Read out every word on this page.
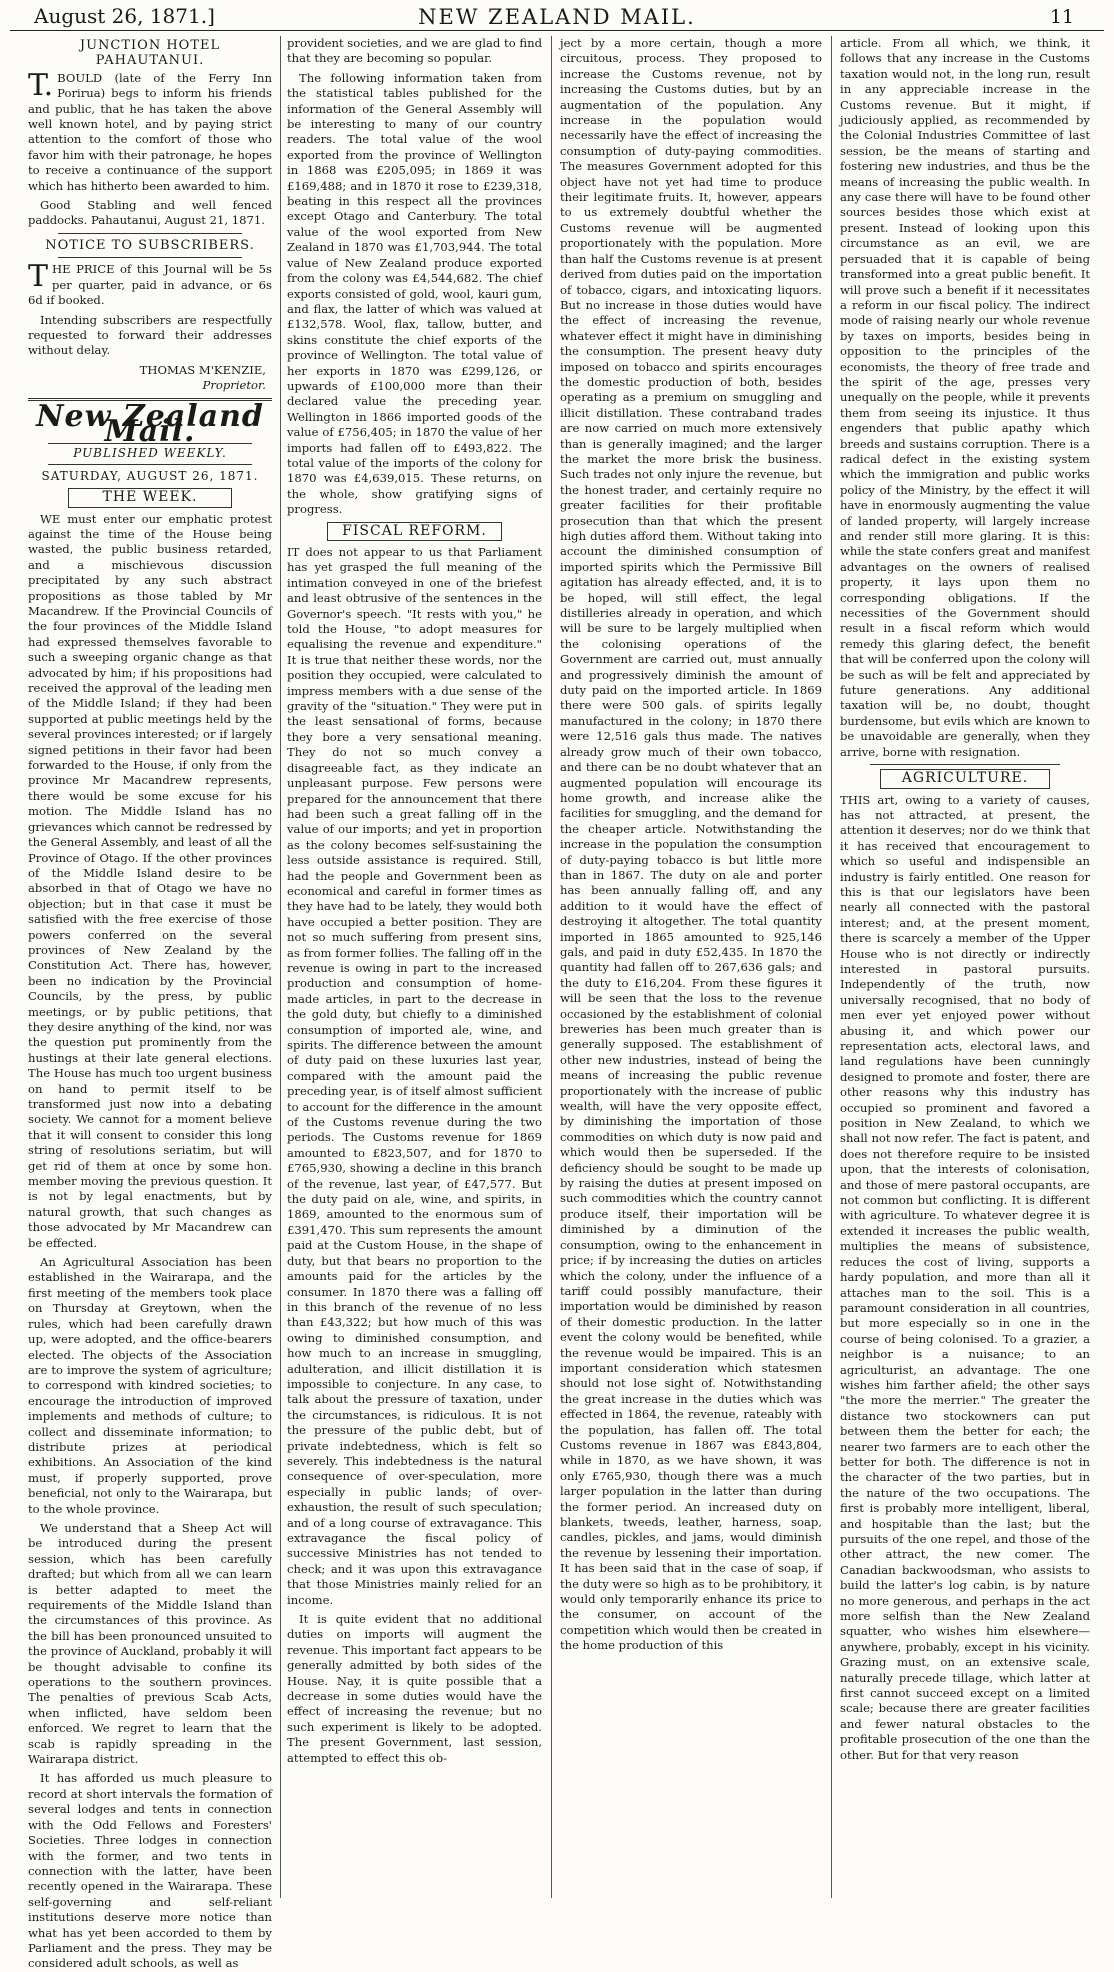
August 26, 1871.]	NEW ZEALAND MAIL.	11
JUNCTION HOTEL PAHAUTANUI.

T. BOULD (late of the Ferry Inn Porirua) begs to inform his friends and public, that he has taken the above well known hotel, and by paying strict attention to the comfort of those who favor him with their patronage, he hopes to receive a continuance of the support which has hitherto been awarded to him.

Good Stabling and well fenced paddocks. Pahautanui, August 21, 1871.

NOTICE TO SUBSCRIBERS.

THE PRICE of this Journal will be 5s per quarter, paid in advance, or 6s 6d if booked.

Intending subscribers are respectfully requested to forward their addresses without delay.

THOMAS M'KENZIE,
Proprietor.
New Zealand Mail.
PUBLISHED WEEKLY.
SATURDAY, AUGUST 26, 1871.
THE WEEK.

WE must enter our emphatic protest against the time of the House being wasted, the public business retarded, and a mischievous discussion precipitated by any such abstract propositions as those tabled by Mr Macandrew. If the Provincial Councils of the four provinces of the Middle Island had expressed themselves favorable to such a sweeping organic change as that advocated by him; if his propositions had received the approval of the leading men of the Middle Island; if they had been supported at public meetings held by the several provinces interested; or if largely signed petitions in their favor had been forwarded to the House, if only from the province Mr Macandrew represents, there would be some excuse for his motion. The Middle Island has no grievances which cannot be redressed by the General Assembly, and least of all the Province of Otago. If the other provinces of the Middle Island desire to be absorbed in that of Otago we have no objection; but in that case it must be satisfied with the free exercise of those powers conferred on the several provinces of New Zealand by the Constitution Act. There has, however, been no indication by the Provincial Councils, by the press, by public meetings, or by public petitions, that they desire anything of the kind, nor was the question put prominently from the hustings at their late general elections. The House has much too urgent business on hand to permit itself to be transformed just now into a debating society. We cannot for a moment believe that it will consent to consider this long string of resolutions seriatim, but will get rid of them at once by some hon. member moving the previous question. It is not by legal enactments, but by natural growth, that such changes as those advocated by Mr Macandrew can be effected.

An Agricultural Association has been established in the Wairarapa, and the first meeting of the members took place on Thursday at Greytown, when the rules, which had been carefully drawn up, were adopted, and the office-bearers elected. The objects of the Association are to improve the system of agriculture; to correspond with kindred societies; to encourage the introduction of improved implements and methods of culture; to collect and disseminate information; to distribute prizes at periodical exhibitions. An Association of the kind must, if properly supported, prove beneficial, not only to the Wairarapa, but to the whole province.

We understand that a Sheep Act will be introduced during the present session, which has been carefully drafted; but which from all we can learn is better adapted to meet the requirements of the Middle Island than the circumstances of this province. As the bill has been pronounced unsuited to the province of Auckland, probably it will be thought advisable to confine its operations to the southern provinces. The penalties of previous Scab Acts, when inflicted, have seldom been enforced. We regret to learn that the scab is rapidly spreading in the Wairarapa district.

It has afforded us much pleasure to record at short intervals the formation of several lodges and tents in connection with the Odd Fellows and Foresters' Societies. Three lodges in connection with the former, and two tents in connection with the latter, have been recently opened in the Wairarapa. These self-governing and self-reliant institutions deserve more notice than what has yet been accorded to them by Parliament and the press. They may be considered adult schools, as well as

provident societies, and we are glad to find that they are becoming so popular.

The following information taken from the statistical tables published for the information of the General Assembly will be interesting to many of our country readers. The total value of the wool exported from the province of Wellington in 1868 was £205,095; in 1869 it was £169,488; and in 1870 it rose to £239,318, beating in this respect all the provinces except Otago and Canterbury. The total value of the wool exported from New Zealand in 1870 was £1,703,944. The total value of New Zealand produce exported from the colony was £4,544,682. The chief exports consisted of gold, wool, kauri gum, and flax, the latter of which was valued at £132,578. Wool, flax, tallow, butter, and skins constitute the chief exports of the province of Wellington. The total value of her exports in 1870 was £299,126, or upwards of £100,000 more than their declared value the preceding year. Wellington in 1866 imported goods of the value of £756,405; in 1870 the value of her imports had fallen off to £493,822. The total value of the imports of the colony for 1870 was £4,639,015. These returns, on the whole, show gratifying signs of progress.

FISCAL REFORM.

IT does not appear to us that Parliament has yet grasped the full meaning of the intimation conveyed in one of the briefest and least obtrusive of the sentences in the Governor's speech. "It rests with you," he told the House, "to adopt measures for equalising the revenue and expenditure." It is true that neither these words, nor the position they occupied, were calculated to impress members with a due sense of the gravity of the "situation." They were put in the least sensational of forms, because they bore a very sensational meaning. They do not so much convey a disagreeable fact, as they indicate an unpleasant purpose. Few persons were prepared for the announcement that there had been such a great falling off in the value of our imports; and yet in proportion as the colony becomes self-sustaining the less outside assistance is required. Still, had the people and Government been as economical and careful in former times as they have had to be lately, they would both have occupied a better position. They are not so much suffering from present sins, as from former follies. The falling off in the revenue is owing in part to the increased production and consumption of home-made articles, in part to the decrease in the gold duty, but chiefly to a diminished consumption of imported ale, wine, and spirits. The difference between the amount of duty paid on these luxuries last year, compared with the amount paid the preceding year, is of itself almost sufficient to account for the difference in the amount of the Customs revenue during the two periods. The Customs revenue for 1869 amounted to £823,507, and for 1870 to £765,930, showing a decline in this branch of the revenue, last year, of £47,577. But the duty paid on ale, wine, and spirits, in 1869, amounted to the enormous sum of £391,470. This sum represents the amount paid at the Custom House, in the shape of duty, but that bears no proportion to the amounts paid for the articles by the consumer. In 1870 there was a falling off in this branch of the revenue of no less than £43,322; but how much of this was owing to diminished consumption, and how much to an increase in smuggling, adulteration, and illicit distillation it is impossible to conjecture. In any case, to talk about the pressure of taxation, under the circumstances, is ridiculous. It is not the pressure of the public debt, but of private indebtedness, which is felt so severely. This indebtedness is the natural consequence of over-speculation, more especially in public lands; of over-exhaustion, the result of such speculation; and of a long course of extravagance. This extravagance the fiscal policy of successive Ministries has not tended to check; and it was upon this extravagance that those Ministries mainly relied for an income.

It is quite evident that no additional duties on imports will augment the revenue. This important fact appears to be generally admitted by both sides of the House. Nay, it is quite possible that a decrease in some duties would have the effect of increasing the revenue; but no such experiment is likely to be adopted. The present Government, last session, attempted to effect this ob-

ject by a more certain, though a more circuitous, process. They proposed to increase the Customs revenue, not by increasing the Customs duties, but by an augmentation of the population. Any increase in the population would necessarily have the effect of increasing the consumption of duty-paying commodities. The measures Government adopted for this object have not yet had time to produce their legitimate fruits. It, however, appears to us extremely doubtful whether the Customs revenue will be augmented proportionately with the population. More than half the Customs revenue is at present derived from duties paid on the importation of tobacco, cigars, and intoxicating liquors. But no increase in those duties would have the effect of increasing the revenue, whatever effect it might have in diminishing the consumption. The present heavy duty imposed on tobacco and spirits encourages the domestic production of both, besides operating as a premium on smuggling and illicit distillation. These contraband trades are now carried on much more extensively than is generally imagined; and the larger the market the more brisk the business. Such trades not only injure the revenue, but the honest trader, and certainly require no greater facilities for their profitable prosecution than that which the present high duties afford them. Without taking into account the diminished consumption of imported spirits which the Permissive Bill agitation has already effected, and, it is to be hoped, will still effect, the legal distilleries already in operation, and which will be sure to be largely multiplied when the colonising operations of the Government are carried out, must annually and progressively diminish the amount of duty paid on the imported article. In 1869 there were 500 gals. of spirits legally manufactured in the colony; in 1870 there were 12,516 gals thus made. The natives already grow much of their own tobacco, and there can be no doubt whatever that an augmented population will encourage its home growth, and increase alike the facilities for smuggling, and the demand for the cheaper article. Notwithstanding the increase in the population the consumption of duty-paying tobacco is but little more than in 1867. The duty on ale and porter has been annually falling off, and any addition to it would have the effect of destroying it altogether. The total quantity imported in 1865 amounted to 925,146 gals, and paid in duty £52,435. In 1870 the quantity had fallen off to 267,636 gals; and the duty to £16,204. From these figures it will be seen that the loss to the revenue occasioned by the establishment of colonial breweries has been much greater than is generally supposed. The establishment of other new industries, instead of being the means of increasing the public revenue proportionately with the increase of public wealth, will have the very opposite effect, by diminishing the importation of those commodities on which duty is now paid and which would then be superseded. If the deficiency should be sought to be made up by raising the duties at present imposed on such commodities which the country cannot produce itself, their importation will be diminished by a diminution of the consumption, owing to the enhancement in price; if by increasing the duties on articles which the colony, under the influence of a tariff could possibly manufacture, their importation would be diminished by reason of their domestic production. In the latter event the colony would be benefited, while the revenue would be impaired. This is an important consideration which statesmen should not lose sight of. Notwithstanding the great increase in the duties which was effected in 1864, the revenue, rateably with the population, has fallen off. The total Customs revenue in 1867 was £843,804, while in 1870, as we have shown, it was only £765,930, though there was a much larger population in the latter than during the former period. An increased duty on blankets, tweeds, leather, harness, soap, candles, pickles, and jams, would diminish the revenue by lessening their importation. It has been said that in the case of soap, if the duty were so high as to be prohibitory, it would only temporarily enhance its price to the consumer, on account of the competition which would then be created in the home production of this

article. From all which, we think, it follows that any increase in the Customs taxation would not, in the long run, result in any appreciable increase in the Customs revenue. But it might, if judiciously applied, as recommended by the Colonial Industries Committee of last session, be the means of starting and fostering new industries, and thus be the means of increasing the public wealth. In any case there will have to be found other sources besides those which exist at present. Instead of looking upon this circumstance as an evil, we are persuaded that it is capable of being transformed into a great public benefit. It will prove such a benefit if it necessitates a reform in our fiscal policy. The indirect mode of raising nearly our whole revenue by taxes on imports, besides being in opposition to the principles of the economists, the theory of free trade and the spirit of the age, presses very unequally on the people, while it prevents them from seeing its injustice. It thus engenders that public apathy which breeds and sustains corruption. There is a radical defect in the existing system which the immigration and public works policy of the Ministry, by the effect it will have in enormously augmenting the value of landed property, will largely increase and render still more glaring. It is this: while the state confers great and manifest advantages on the owners of realised property, it lays upon them no corresponding obligations. If the necessities of the Government should result in a fiscal reform which would remedy this glaring defect, the benefit that will be conferred upon the colony will be such as will be felt and appreciated by future generations. Any additional taxation will be, no doubt, thought burdensome, but evils which are known to be unavoidable are generally, when they arrive, borne with resignation.

AGRICULTURE.

THIS art, owing to a variety of causes, has not attracted, at present, the attention it deserves; nor do we think that it has received that encouragement to which so useful and indispensible an industry is fairly entitled. One reason for this is that our legislators have been nearly all connected with the pastoral interest; and, at the present moment, there is scarcely a member of the Upper House who is not directly or indirectly interested in pastoral pursuits. Independently of the truth, now universally recognised, that no body of men ever yet enjoyed power without abusing it, and which power our representation acts, electoral laws, and land regulations have been cunningly designed to promote and foster, there are other reasons why this industry has occupied so prominent and favored a position in New Zealand, to which we shall not now refer. The fact is patent, and does not therefore require to be insisted upon, that the interests of colonisation, and those of mere pastoral occupants, are not common but conflicting. It is different with agriculture. To whatever degree it is extended it increases the public wealth, multiplies the means of subsistence, reduces the cost of living, supports a hardy population, and more than all it attaches man to the soil. This is a paramount consideration in all countries, but more especially so in one in the course of being colonised. To a grazier, a neighbor is a nuisance; to an agriculturist, an advantage. The one wishes him farther afield; the other says "the more the merrier." The greater the distance two stockowners can put between them the better for each; the nearer two farmers are to each other the better for both. The difference is not in the character of the two parties, but in the nature of the two occupations. The first is probably more intelligent, liberal, and hospitable than the last; but the pursuits of the one repel, and those of the other attract, the new comer. The Canadian backwoodsman, who assists to build the latter's log cabin, is by nature no more generous, and perhaps in the act more selfish than the New Zealand squatter, who wishes him elsewhere—anywhere, probably, except in his vicinity. Grazing must, on an extensive scale, naturally precede tillage, which latter at first cannot succeed except on a limited scale; because there are greater facilities and fewer natural obstacles to the profitable prosecution of the one than the other. But for that very reason
